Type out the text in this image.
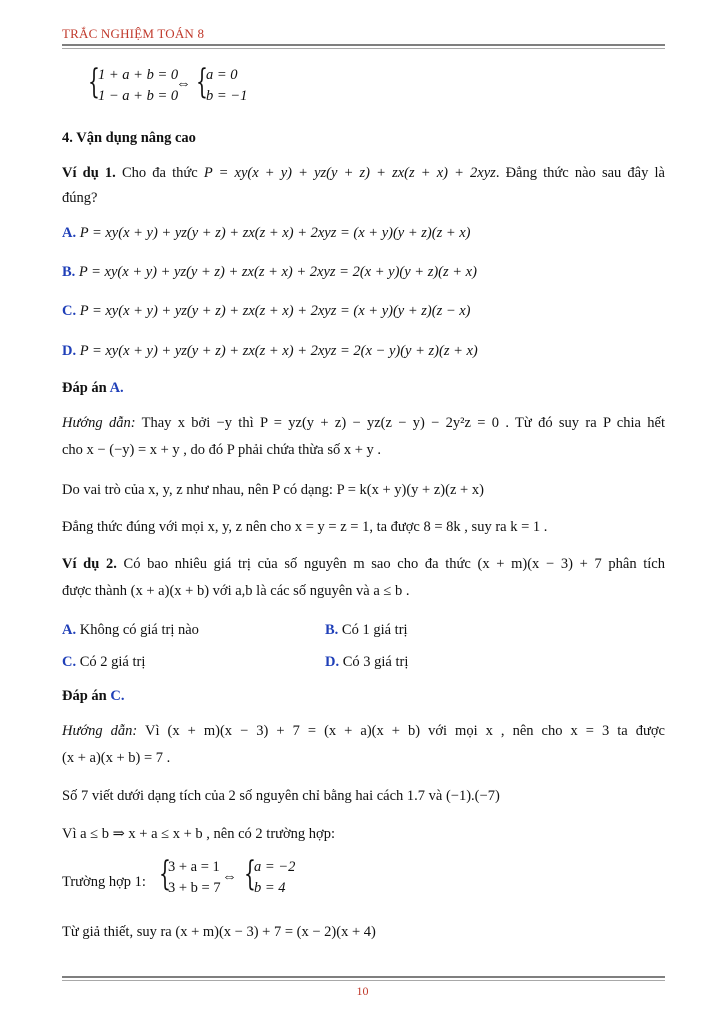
TRẮC NGHIỆM TOÁN 8
{
1 + a + b = 0
1 − a + b = 0
⇔ {
a = 0
b = −1
4. Vận dụng nâng cao
Ví dụ 1. Cho đa thức P = xy(x + y) + yz(y + z) + zx(z + x) + 2xyz. Đẳng thức nào sau đây là
đúng?
A. P = xy(x + y) + yz(y + z) + zx(z + x) + 2xyz = (x + y)(y + z)(z + x)
B. P = xy(x + y) + yz(y + z) + zx(z + x) + 2xyz = 2(x + y)(y + z)(z + x)
C. P = xy(x + y) + yz(y + z) + zx(z + x) + 2xyz = (x + y)(y + z)(z − x)
D. P = xy(x + y) + yz(y + z) + zx(z + x) + 2xyz = 2(x − y)(y + z)(z + x)
Đáp án A.
Hướng dẫn: Thay x bởi −y thì P = yz(y + z) − yz(z − y) − 2y²z = 0 . Từ đó suy ra P chia hết
cho x − (−y) = x + y , do đó P phải chứa thừa số x + y .
Do vai trò của x, y, z như nhau, nên P có dạng: P = k(x + y)(y + z)(z + x)
Đẳng thức đúng với mọi x, y, z nên cho x = y = z = 1, ta được 8 = 8k , suy ra k = 1 .
Ví dụ 2. Có bao nhiêu giá trị của số nguyên m sao cho đa thức (x + m)(x − 3) + 7 phân tích
được thành (x + a)(x + b) với a,b là các số nguyên và a ≤ b .
A. Không có giá trị nào	B. Có 1 giá trị
C. Có 2 giá trị	D. Có 3 giá trị
Đáp án C.
Hướng dẫn: Vì (x + m)(x − 3) + 7 = (x + a)(x + b) với mọi x , nên cho x = 3 ta được
(x + a)(x + b) = 7 .
Số 7 viết dưới dạng tích của 2 số nguyên chỉ bằng hai cách 1.7 và (−1).(−7)
Vì a ≤ b ⇒ x + a ≤ x + b , nên có 2 trường hợp:
Trường hợp 1: {
3 + a = 1
3 + b = 7
⇔ {
a = −2
b = 4
Từ giả thiết, suy ra (x + m)(x − 3) + 7 = (x − 2)(x + 4)
10
